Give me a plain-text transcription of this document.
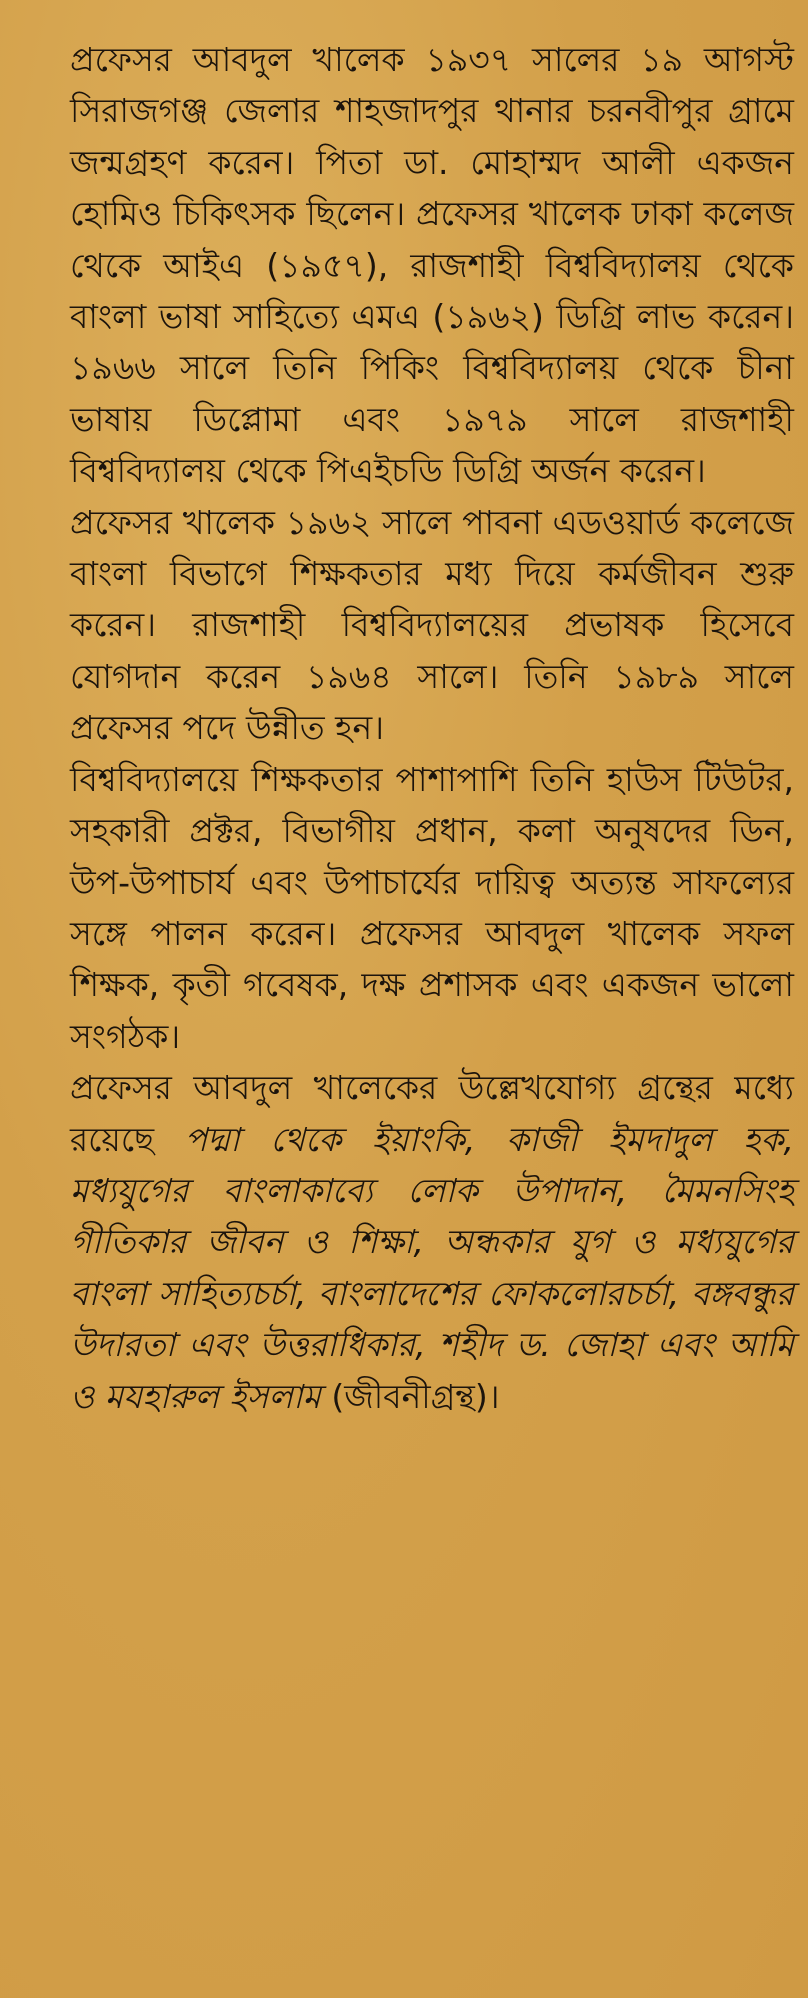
প্রফেসর আবদুল খালেক ১৯৩৭ সালের ১৯ আগস্ট সিরাজগঞ্জ জেলার শাহজাদপুর থানার চরনবীপুর গ্রামে জন্মগ্রহণ করেন। পিতা ডা. মোহাম্মদ আলী একজন হোমিও চিকিৎসক ছিলেন। প্রফেসর খালেক ঢাকা কলেজ থেকে আইএ (১৯৫৭), রাজশাহী বিশ্ববিদ্যালয় থেকে বাংলা ভাষা সাহিত্যে এমএ (১৯৬২) ডিগ্রি লাভ করেন। ১৯৬৬ সালে তিনি পিকিং বিশ্ববিদ্যালয় থেকে চীনা ভাষায় ডিপ্লোমা এবং ১৯৭৯ সালে রাজশাহী বিশ্ববিদ্যালয় থেকে পিএইচডি ডিগ্রি অর্জন করেন।

প্রফেসর খালেক ১৯৬২ সালে পাবনা এডওয়ার্ড কলেজে বাংলা বিভাগে শিক্ষকতার মধ্য দিয়ে কর্মজীবন শুরু করেন। রাজশাহী বিশ্ববিদ্যালয়ের প্রভাষক হিসেবে যোগদান করেন ১৯৬৪ সালে। তিনি ১৯৮৯ সালে প্রফেসর পদে উন্নীত হন।

বিশ্ববিদ্যালয়ে শিক্ষকতার পাশাপাশি তিনি হাউস টিউটর, সহকারী প্রক্টর, বিভাগীয় প্রধান, কলা অনুষদের ডিন, উপ-উপাচার্য এবং উপাচার্যের দায়িত্ব অত্যন্ত সাফল্যের সঙ্গে পালন করেন। প্রফেসর আবদুল খালেক সফল শিক্ষক, কৃতী গবেষক, দক্ষ প্রশাসক এবং একজন ভালো সংগঠক।

প্রফেসর আবদুল খালেকের উল্লেখযোগ্য গ্রন্থের মধ্যে রয়েছে পদ্মা থেকে ইয়াংকি, কাজী ইমদাদুল হক, মধ্যযুগের বাংলাকাব্যে লোক উপাদান, মৈমনসিংহ গীতিকার জীবন ও শিক্ষা, অন্ধকার যুগ ও মধ্যযুগের বাংলা সাহিত্যচর্চা, বাংলাদেশের ফোকলোরচর্চা, বঙ্গবন্ধুর উদারতা এবং উত্তরাধিকার, শহীদ ড. জোহা এবং আমি ও মযহারুল ইসলাম (জীবনীগ্রন্থ)।
